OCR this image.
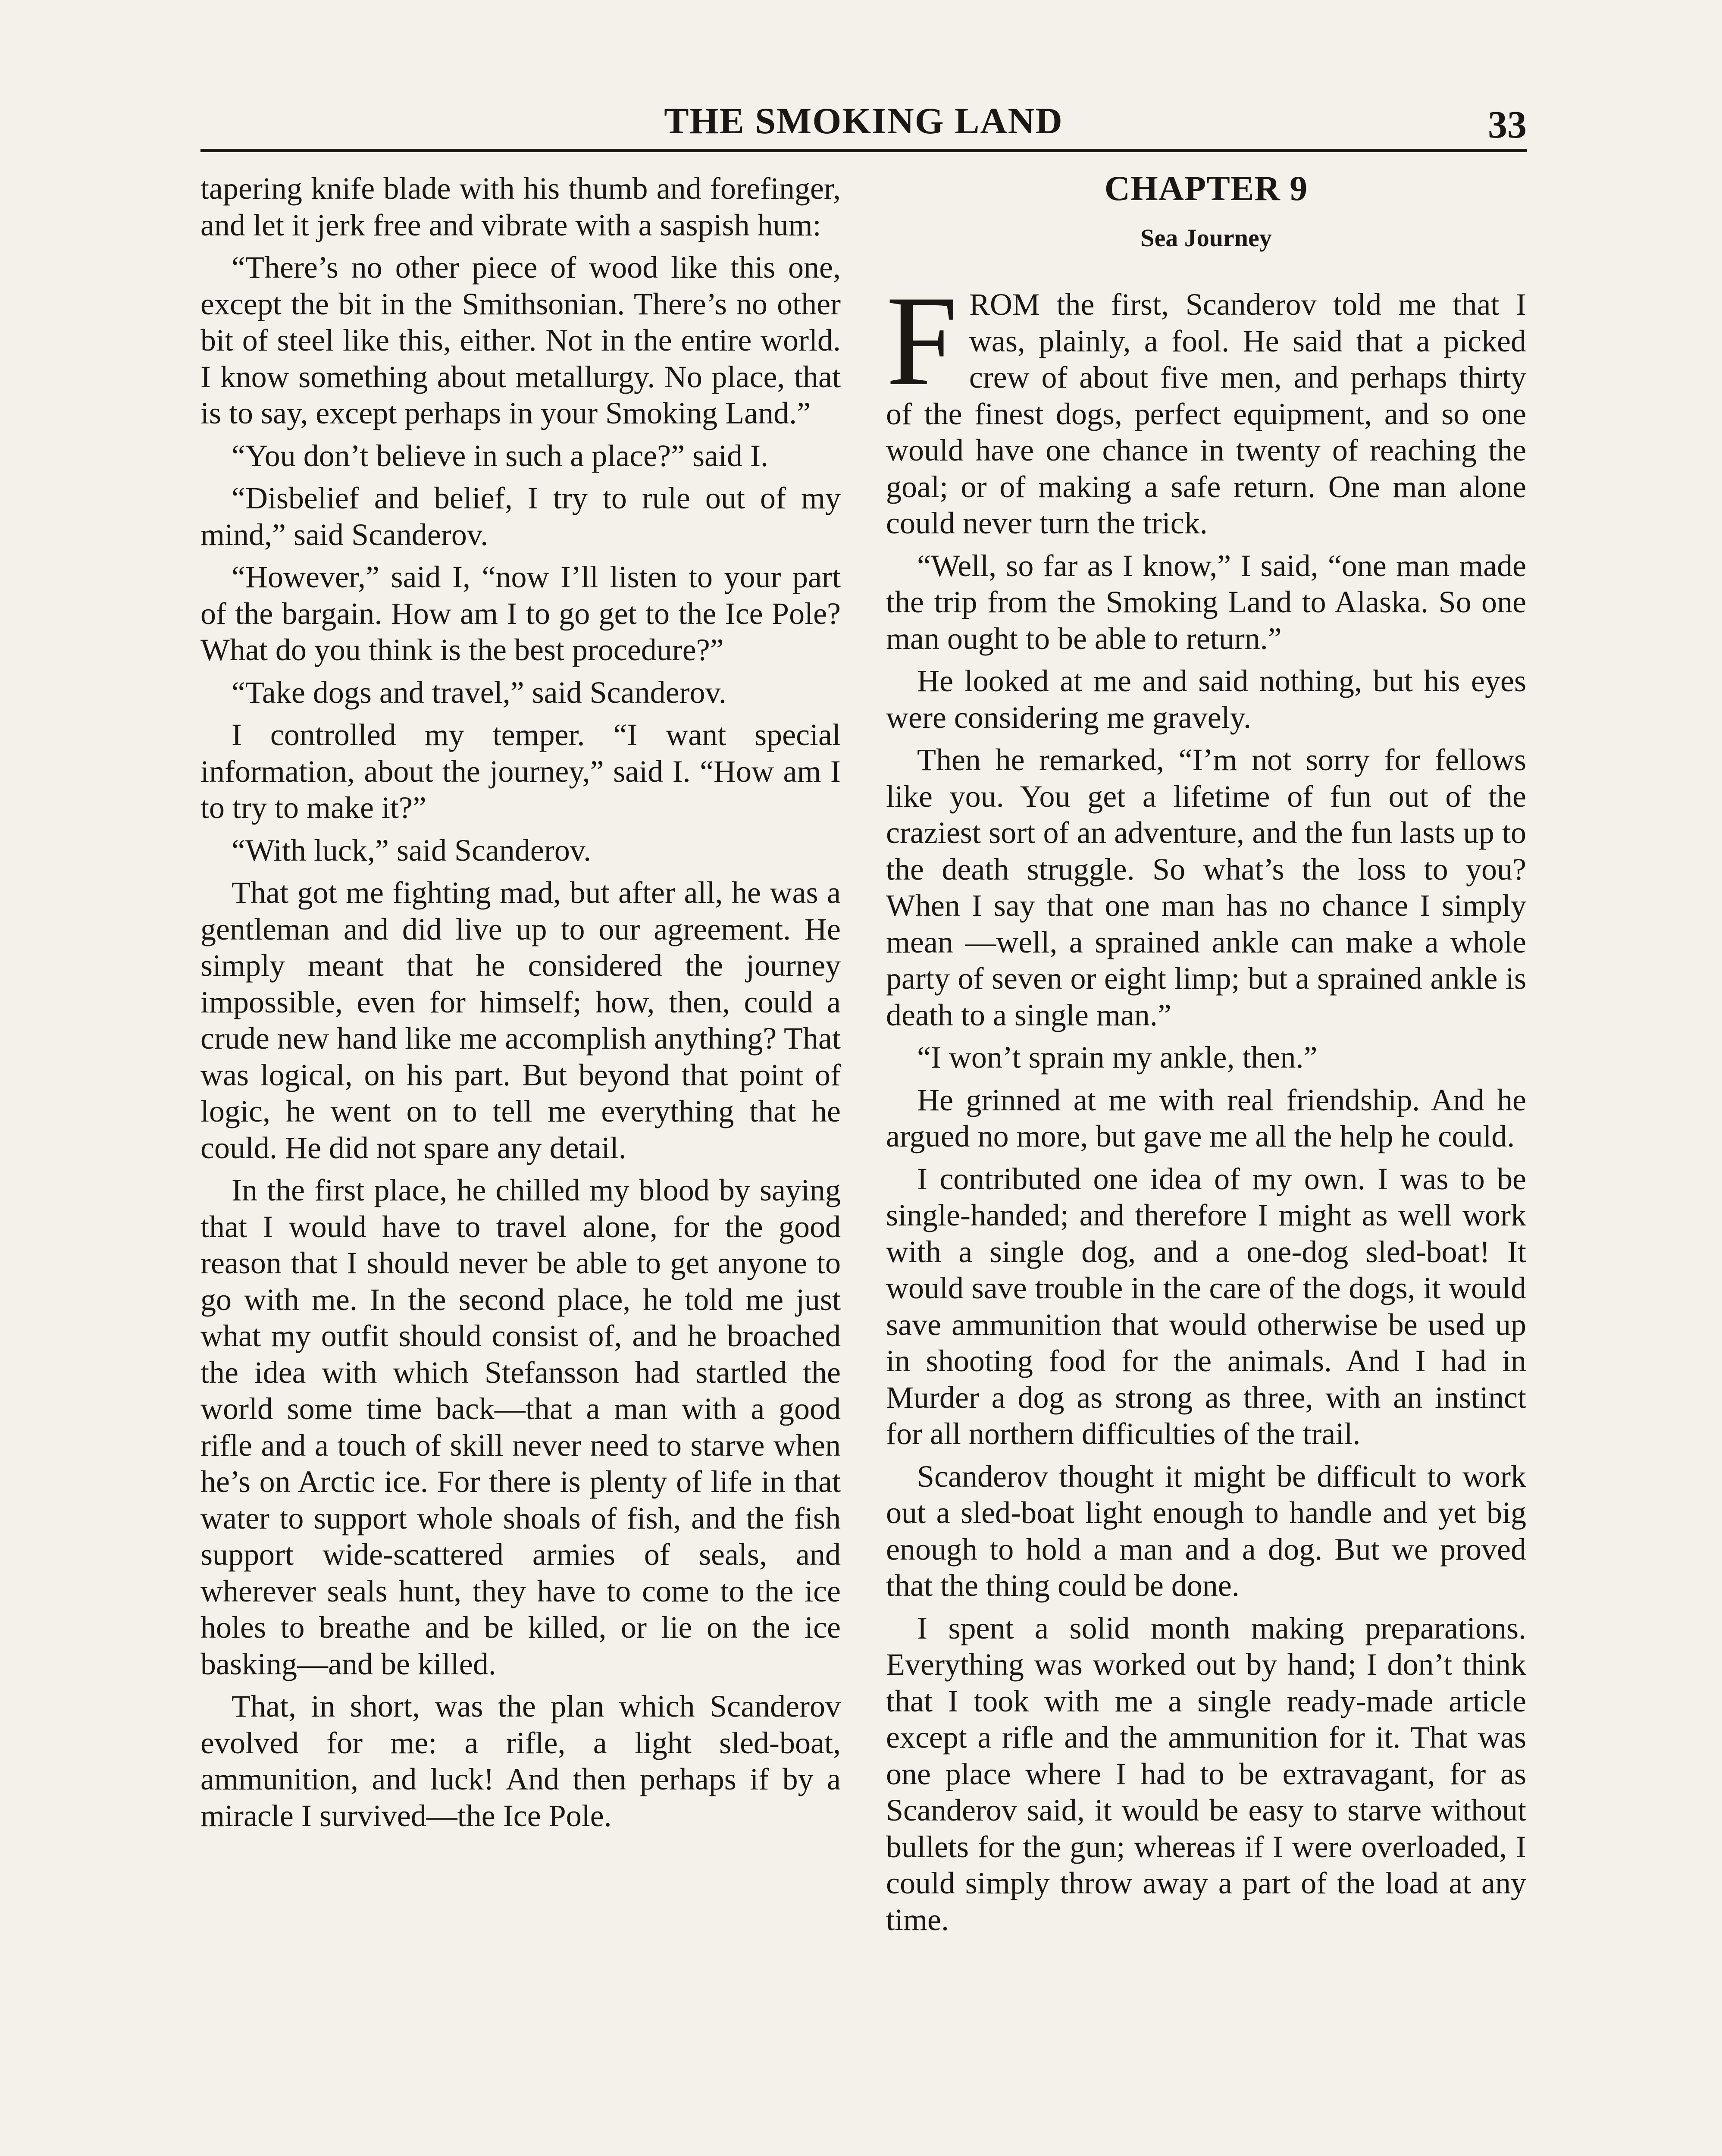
THE SMOKING LAND	33

tapering knife blade with his thumb and forefinger, and let it jerk free and vibrate with a saspish hum:

“There’s no other piece of wood like this one, except the bit in the Smithsonian. There’s no other bit of steel like this, either. Not in the entire world. I know something about metallurgy. No place, that is to say, except perhaps in your Smoking Land.”

“You don’t believe in such a place?” said I.

“Disbelief and belief, I try to rule out of my mind,” said Scanderov.

“However,” said I, “now I’ll listen to your part of the bargain. How am I to go get to the Ice Pole? What do you think is the best procedure?”

“Take dogs and travel,” said Scanderov.

I controlled my temper. “I want special information, about the journey,” said I. “How am I to try to make it?”

“With luck,” said Scanderov.

That got me fighting mad, but after all, he was a gentleman and did live up to our agreement. He simply meant that he considered the journey impossible, even for himself; how, then, could a crude new hand like me accomplish anything? That was logical, on his part. But beyond that point of logic, he went on to tell me everything that he could. He did not spare any detail.

In the first place, he chilled my blood by saying that I would have to travel alone, for the good reason that I should never be able to get anyone to go with me. In the second place, he told me just what my outfit should consist of, and he broached the idea with which Stefansson had startled the world some time back—that a man with a good rifle and a touch of skill never need to starve when he’s on Arctic ice. For there is plenty of life in that water to support whole shoals of fish, and the fish support wide-scattered armies of seals, and wherever seals hunt, they have to come to the ice holes to breathe and be killed, or lie on the ice basking—and be killed.

That, in short, was the plan which Scanderov evolved for me: a rifle, a light sled-boat, ammunition, and luck! And then perhaps if by a miracle I survived—the Ice Pole.

CHAPTER 9
Sea Journey

FROM the first, Scanderov told me that I was, plainly, a fool. He said that a picked crew of about five men, and perhaps thirty of the finest dogs, perfect equipment, and so one would have one chance in twenty of reaching the goal; or of making a safe return. One man alone could never turn the trick.

“Well, so far as I know,” I said, “one man made the trip from the Smoking Land to Alaska. So one man ought to be able to return.”

He looked at me and said nothing, but his eyes were considering me gravely.

Then he remarked, “I’m not sorry for fellows like you. You get a lifetime of fun out of the craziest sort of an adventure, and the fun lasts up to the death struggle. So what’s the loss to you? When I say that one man has no chance I simply mean —well, a sprained ankle can make a whole party of seven or eight limp; but a sprained ankle is death to a single man.”

“I won’t sprain my ankle, then.”

He grinned at me with real friendship. And he argued no more, but gave me all the help he could.

I contributed one idea of my own. I was to be single-handed; and therefore I might as well work with a single dog, and a one-dog sled-boat! It would save trouble in the care of the dogs, it would save ammunition that would otherwise be used up in shooting food for the animals. And I had in Murder a dog as strong as three, with an instinct for all northern difficulties of the trail.

Scanderov thought it might be difficult to work out a sled-boat light enough to handle and yet big enough to hold a man and a dog. But we proved that the thing could be done.

I spent a solid month making preparations. Everything was worked out by hand; I don’t think that I took with me a single ready-made article except a rifle and the ammunition for it. That was one place where I had to be extravagant, for as Scanderov said, it would be easy to starve without bullets for the gun; whereas if I were overloaded, I could simply throw away a part of the load at any time.
